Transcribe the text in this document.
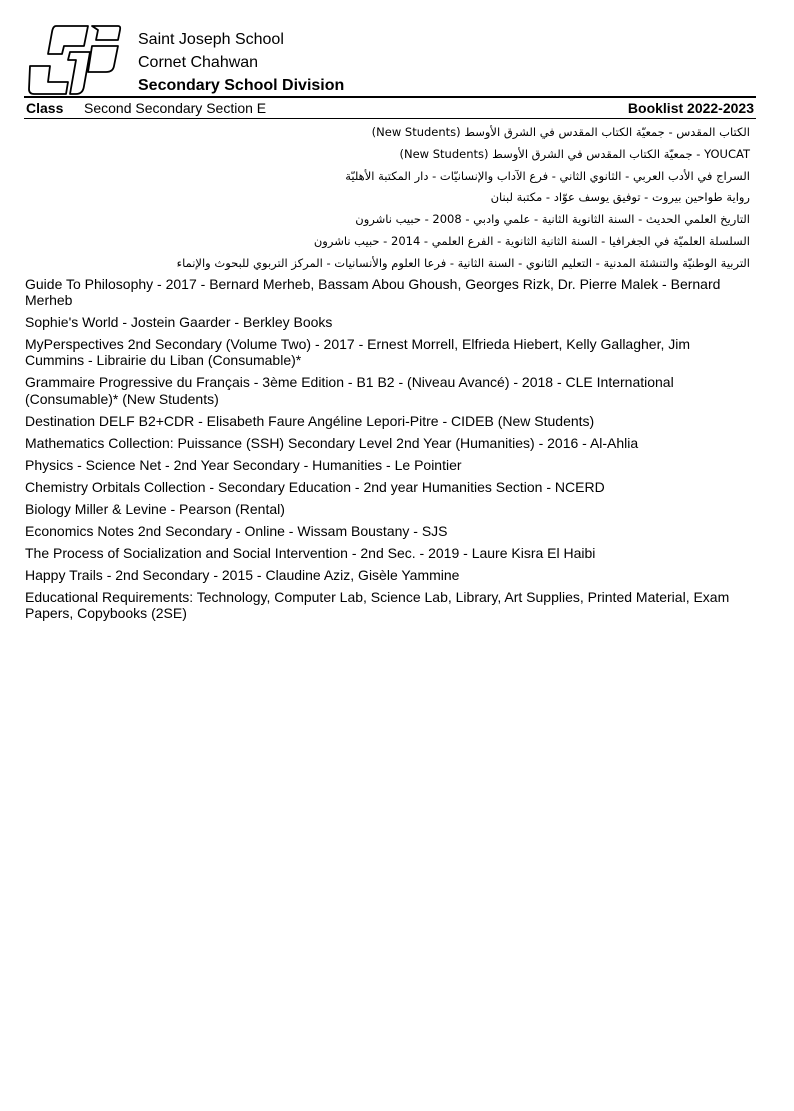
Saint Joseph School
Cornet Chahwan
Secondary School Division
Class Second Secondary Section E	Booklist 2022-2023
الكتاب المقدس - جمعيّة الكتاب المقدس في الشرق الأوسط (New Students)
YOUCAT - جمعيّة الكتاب المقدس في الشرق الأوسط (New Students)
السراج في الأدب العربي - الثانوي الثاني - فرع الآداب والإنسانيّات - دار المكتبة الأهليّة
رواية طواحين بيروت - توفيق يوسف عوّاد - مكتبة لبنان
التاريخ العلمي الحديث - السنة الثانوية الثانية - علمي وادبي - 2008 - حبيب ناشرون
السلسلة العلميّة في الجغرافيا - السنة الثانية الثانوية - الفرع العلمي - 2014 - حبيب ناشرون
التربية الوطنيّة والتنشئة المدنية - التعليم الثانوي - السنة الثانية - فرعا العلوم والأنسانيات - المركز التربوي للبحوث والإنماء
Guide To Philosophy - 2017 - Bernard Merheb, Bassam Abou Ghoush, Georges Rizk, Dr. Pierre Malek - Bernard Merheb
Sophie's World - Jostein Gaarder - Berkley Books
MyPerspectives 2nd Secondary (Volume Two) - 2017 - Ernest Morrell, Elfrieda Hiebert, Kelly Gallagher, Jim Cummins - Librairie du Liban (Consumable)*
Grammaire Progressive du Français - 3ème Edition - B1 B2 - (Niveau Avancé) - 2018 - CLE International (Consumable)* (New Students)
Destination DELF B2+CDR - Elisabeth Faure Angéline Lepori-Pitre - CIDEB (New Students)
Mathematics Collection: Puissance (SSH) Secondary Level 2nd Year (Humanities) - 2016 - Al-Ahlia
Physics - Science Net - 2nd Year Secondary - Humanities - Le Pointier
Chemistry Orbitals Collection - Secondary Education - 2nd year Humanities Section - NCERD
Biology Miller & Levine - Pearson (Rental)
Economics Notes 2nd Secondary - Online - Wissam Boustany - SJS
The Process of Socialization and Social Intervention - 2nd Sec. - 2019 - Laure Kisra El Haibi
Happy Trails - 2nd Secondary - 2015 - Claudine Aziz, Gisèle Yammine
Educational Requirements: Technology, Computer Lab, Science Lab, Library, Art Supplies, Printed Material, Exam Papers, Copybooks (2SE)
